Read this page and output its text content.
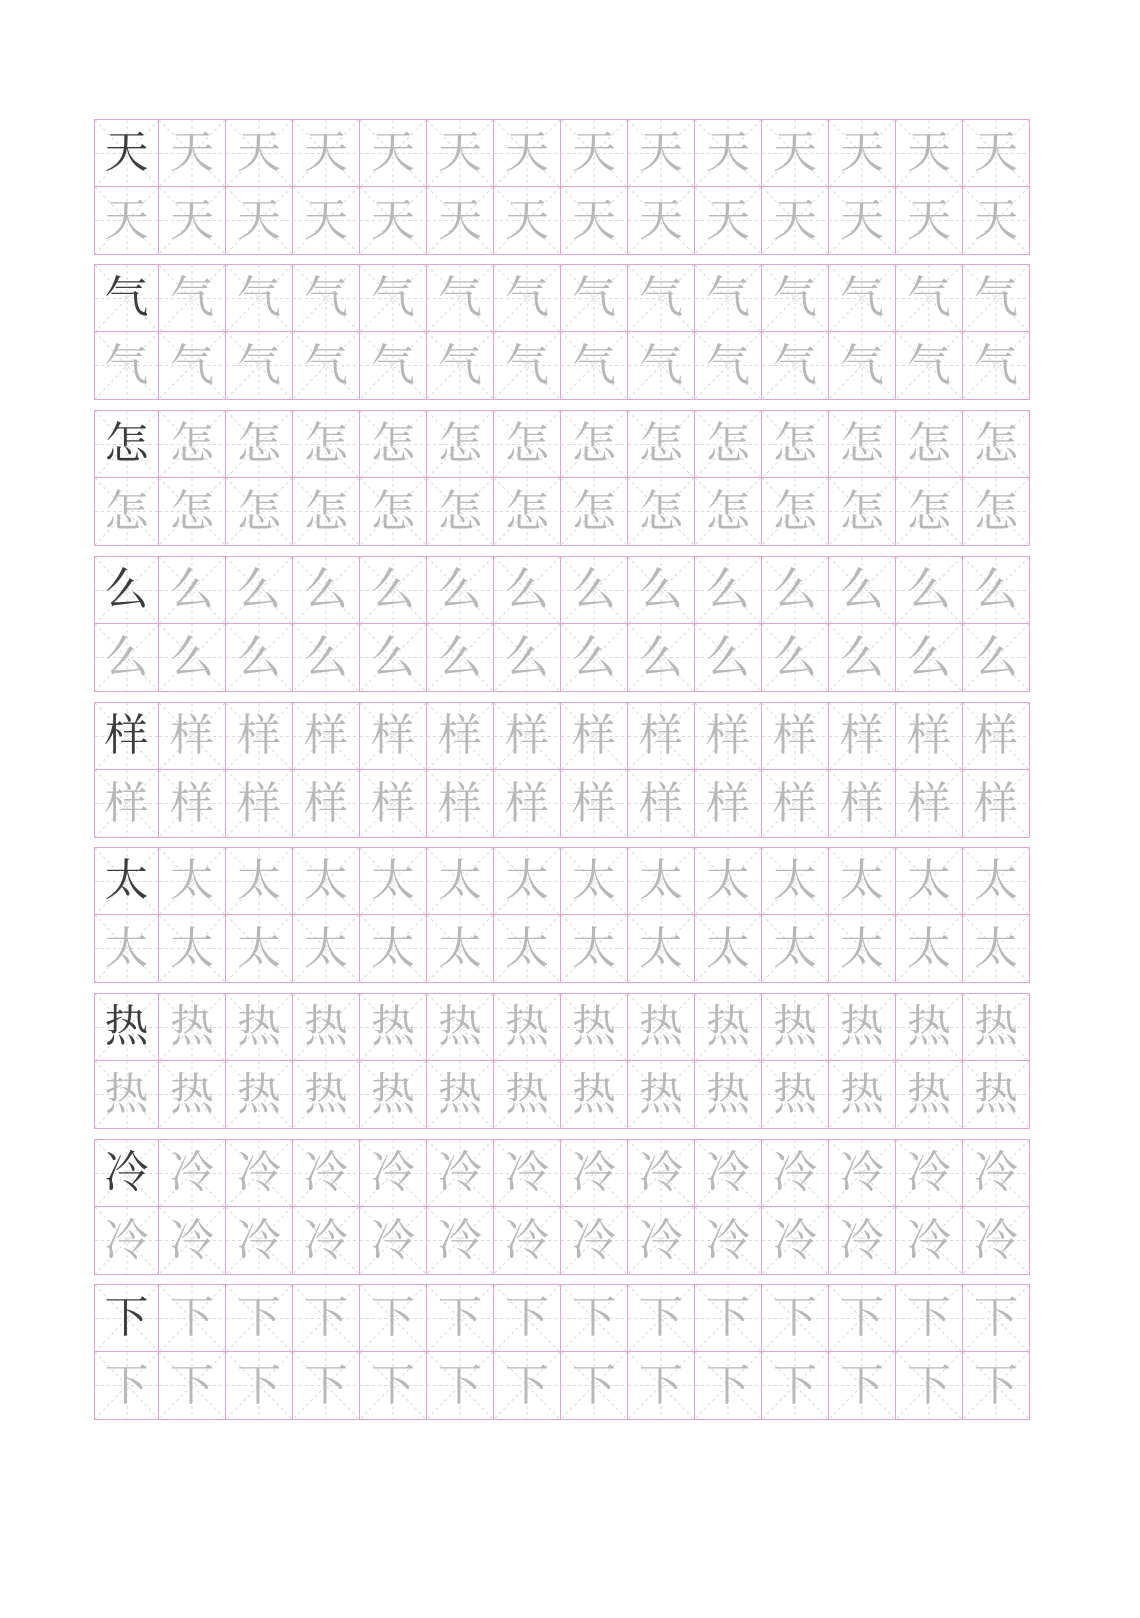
天 天 天 天 天 天 天 天 天 天 天 天 天 天
天 天 天 天 天 天 天 天 天 天 天 天 天 天
气 气 气 气 气 气 气 气 气 气 气 气 气 气
气 气 气 气 气 气 气 气 气 气 气 气 气 气
怎 怎 怎 怎 怎 怎 怎 怎 怎 怎 怎 怎 怎 怎
怎 怎 怎 怎 怎 怎 怎 怎 怎 怎 怎 怎 怎 怎
么 么 么 么 么 么 么 么 么 么 么 么 么 么
么 么 么 么 么 么 么 么 么 么 么 么 么 么
样 样 样 样 样 样 样 样 样 样 样 样 样 样
样 样 样 样 样 样 样 样 样 样 样 样 样 样
太 太 太 太 太 太 太 太 太 太 太 太 太 太
太 太 太 太 太 太 太 太 太 太 太 太 太 太
热 热 热 热 热 热 热 热 热 热 热 热 热 热
热 热 热 热 热 热 热 热 热 热 热 热 热 热
冷 冷 冷 冷 冷 冷 冷 冷 冷 冷 冷 冷 冷 冷
冷 冷 冷 冷 冷 冷 冷 冷 冷 冷 冷 冷 冷 冷
下 下 下 下 下 下 下 下 下 下 下 下 下 下
下 下 下 下 下 下 下 下 下 下 下 下 下 下
